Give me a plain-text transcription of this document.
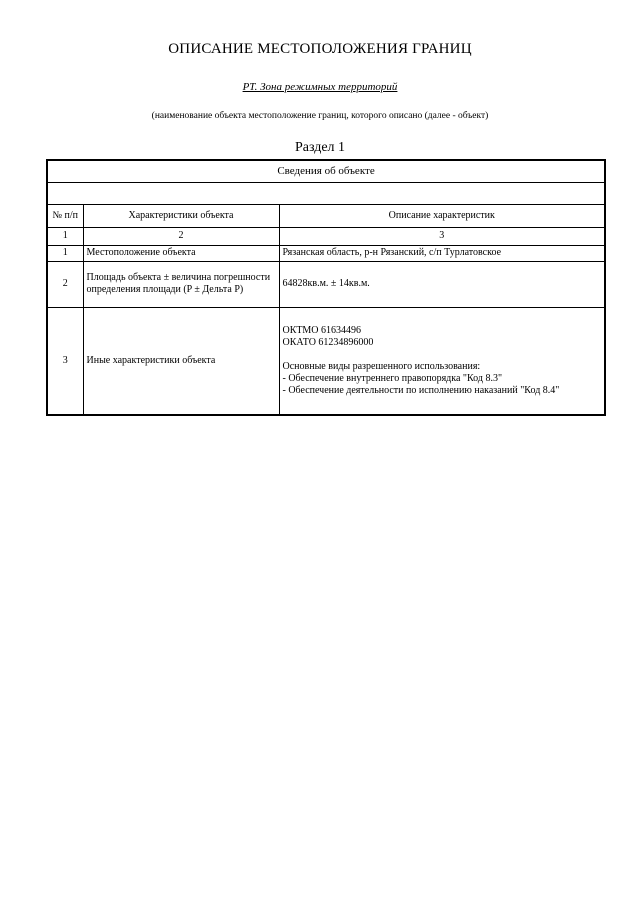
ОПИСАНИЕ МЕСТОПОЛОЖЕНИЯ ГРАНИЦ
PT. Зона режимных территорий
(наименование объекта местоположение границ, которого описано (далее - объект)
Раздел 1
Сведения об объекте		

№ п/п	Характеристики объекта	Описание характеристик
1	2	3
1	Местоположение объекта	Рязанская область, р-н Рязанский, с/п Турлатовское
2	Площадь объекта ± величина погрешности определения площади (P ± Дельта P)	64828кв.м. ± 14кв.м.
3	Иные характеристики объекта	ОКТМО 61634496
ОКАТО 61234896000

Основные виды разрешенного использования:
- Обеспечение внутреннего правопорядка "Код 8.3"
- Обеспечение деятельности по исполнению наказаний "Код 8.4"
